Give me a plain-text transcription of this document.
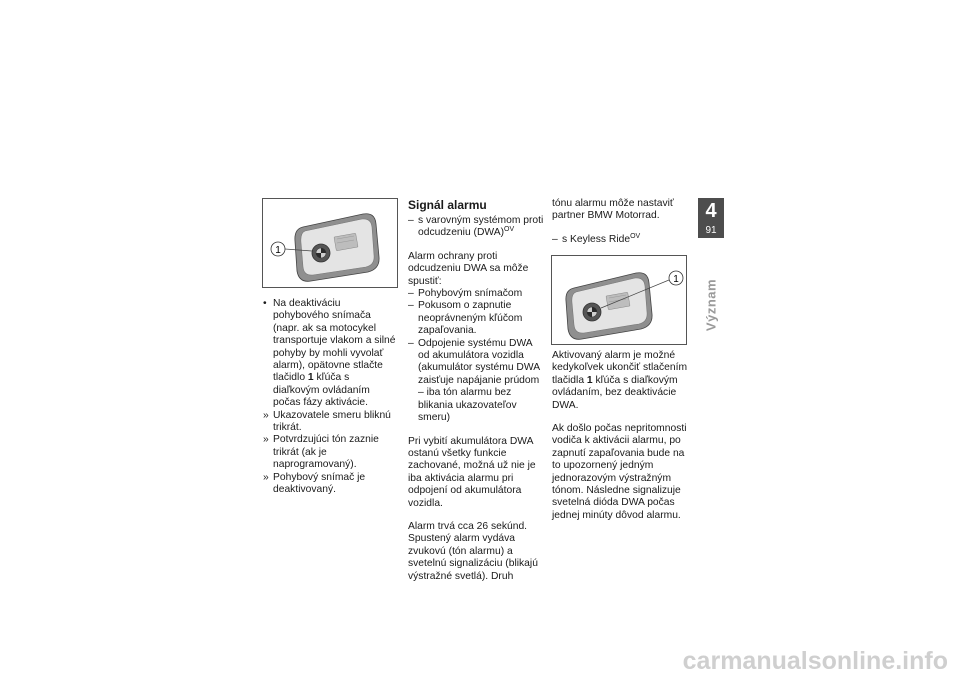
1
• Na deaktiváciu pohybového snímača (napr. ak sa motocykel transportuje vlakom a silné pohyby by mohli vyvolať alarm), opätovne stlačte tlačidlo 1 kľúča s diaľkovým ovládaním počas fázy aktivácie.
» Ukazovatele smeru bliknú trikrát.
» Potvrdzujúci tón zaznie trikrát (ak je naprogramovaný).
» Pohybový snímač je deaktivovaný.
Signál alarmu
– s varovným systémom proti odcudzeniu (DWA)$^{OV}$

Alarm ochrany proti odcudzeniu DWA sa môže spustiť:

– Pohybovým snímačom
– Pokusom o zapnutie neoprávneným kľúčom zapaľovania.
– Odpojenie systému DWA od akumulátora vozidla (akumulátor systému DWA zaisťuje napájanie prúdom – iba tón alarmu bez blikania ukazovateľov smeru)

Pri vybití akumulátora DWA ostanú všetky funkcie zachované, možná už nie je iba aktivácia alarmu pri odpojení od akumulátora vozidla.

Alarm trvá cca 26 sekúnd. Spustený alarm vydáva zvukovú (tón alarmu) a svetelnú signalizáciu (blikajú výstražné svetlá). Druh

tónu alarmu môže nastaviť partner BMW Motorrad.

– s Keyless Ride$^{OV}$
1

Aktivovaný alarm je možné kedykoľvek ukončiť stlačením tlačidla 1 kľúča s diaľkovým ovládaním, bez deaktivácie DWA.

Ak došlo počas nepritomnosti vodiča k aktivácii alarmu, po zapnutí zapaľovania bude na to upozornený jedným jednorazovým výstražným tónom. Následne signalizuje svetelná dióda DWA počas jednej minúty dôvod alarmu.

4
91
Význam
carmanualsonline.info
